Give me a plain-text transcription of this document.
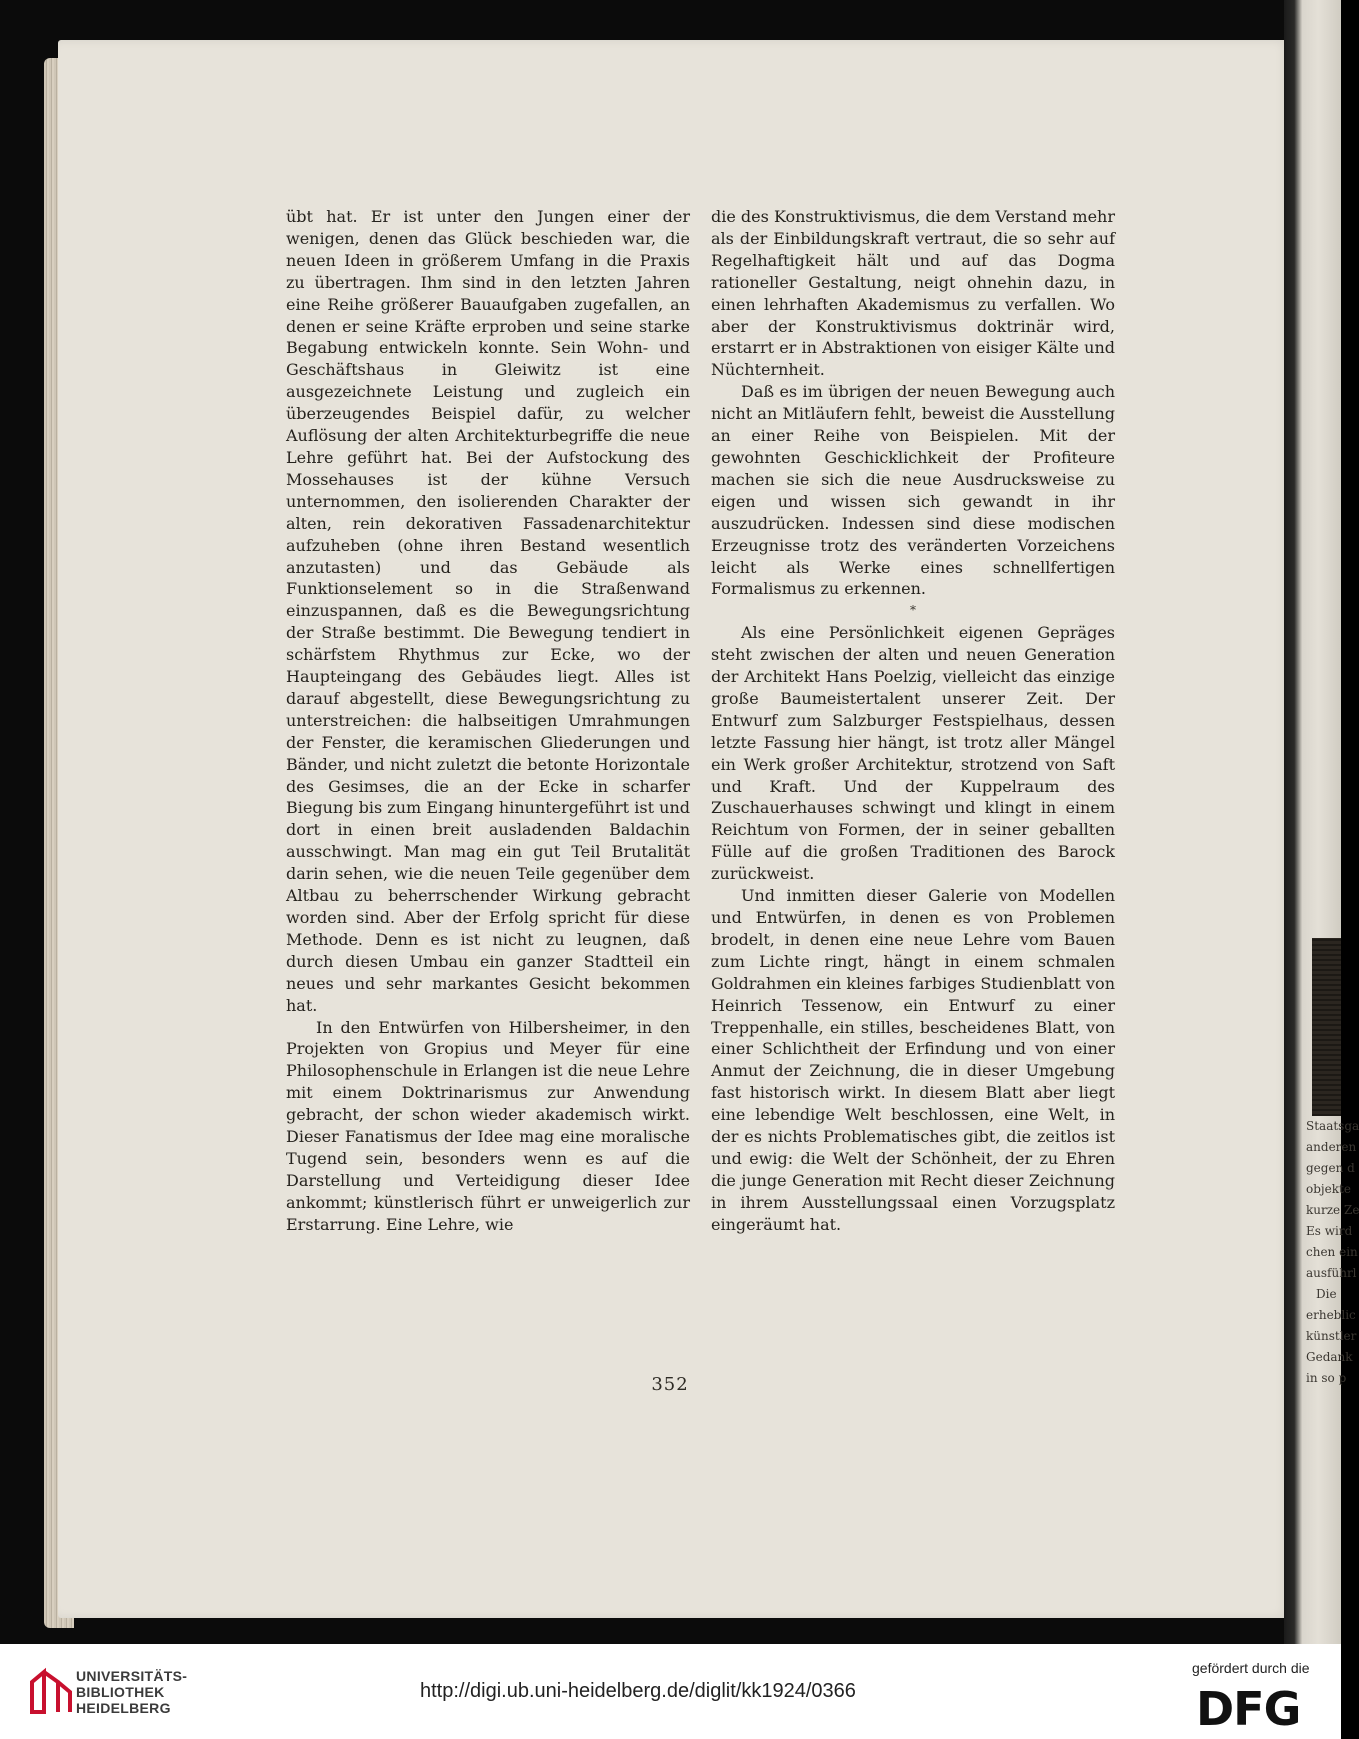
Staatsga
anderen
gegen d
objekte
kurze Ze
Es wird
chen ein
ausführl
Die
erheblic
künstler
Gedank
in so p

übt hat. Er ist unter den Jungen einer der wenigen, denen das Glück beschieden war, die neuen Ideen in größerem Umfang in die Praxis zu übertragen. Ihm sind in den letzten Jahren eine Reihe größerer Bauaufgaben zugefallen, an denen er seine Kräfte erproben und seine starke Begabung entwickeln konnte. Sein Wohn- und Geschäftshaus in Gleiwitz ist eine ausgezeichnete Leistung und zugleich ein überzeugendes Beispiel dafür, zu welcher Auflösung der alten Architekturbegriffe die neue Lehre geführt hat. Bei der Aufstockung des Mossehauses ist der kühne Versuch unternommen, den isolierenden Charakter der alten, rein dekorativen Fassadenarchitektur aufzuheben (ohne ihren Bestand wesentlich anzutasten) und das Gebäude als Funktionselement so in die Straßenwand einzuspannen, daß es die Bewegungsrichtung der Straße bestimmt. Die Bewegung tendiert in schärfstem Rhythmus zur Ecke, wo der Haupteingang des Gebäudes liegt. Alles ist darauf abgestellt, diese Bewegungsrichtung zu unterstreichen: die halbseitigen Umrahmungen der Fenster, die keramischen Gliederungen und Bänder, und nicht zuletzt die betonte Horizontale des Gesimses, die an der Ecke in scharfer Biegung bis zum Eingang hinuntergeführt ist und dort in einen breit ausladenden Baldachin ausschwingt. Man mag ein gut Teil Brutalität darin sehen, wie die neuen Teile gegenüber dem Altbau zu beherrschender Wirkung gebracht worden sind. Aber der Erfolg spricht für diese Methode. Denn es ist nicht zu leugnen, daß durch diesen Umbau ein ganzer Stadtteil ein neues und sehr markantes Gesicht bekommen hat.

In den Entwürfen von Hilbersheimer, in den Projekten von Gropius und Meyer für eine Philosophenschule in Erlangen ist die neue Lehre mit einem Doktrinarismus zur Anwendung gebracht, der schon wieder akademisch wirkt. Dieser Fanatismus der Idee mag eine moralische Tugend sein, besonders wenn es auf die Darstellung und Verteidigung dieser Idee ankommt; künstlerisch führt er unweigerlich zur Erstarrung. Eine Lehre, wie

die des Konstruktivismus, die dem Verstand mehr als der Einbildungskraft vertraut, die so sehr auf Regelhaftigkeit hält und auf das Dogma rationeller Gestaltung, neigt ohnehin dazu, in einen lehrhaften Akademismus zu verfallen. Wo aber der Konstruktivismus doktrinär wird, erstarrt er in Abstraktionen von eisiger Kälte und Nüchternheit.

Daß es im übrigen der neuen Bewegung auch nicht an Mitläufern fehlt, beweist die Ausstellung an einer Reihe von Beispielen. Mit der gewohnten Geschicklichkeit der Profiteure machen sie sich die neue Ausdrucksweise zu eigen und wissen sich gewandt in ihr auszudrücken. Indessen sind diese modischen Erzeugnisse trotz des veränderten Vorzeichens leicht als Werke eines schnellfertigen Formalismus zu erkennen.

*

Als eine Persönlichkeit eigenen Gepräges steht zwischen der alten und neuen Generation der Architekt Hans Poelzig, vielleicht das einzige große Baumeistertalent unserer Zeit. Der Entwurf zum Salzburger Festspielhaus, dessen letzte Fassung hier hängt, ist trotz aller Mängel ein Werk großer Architektur, strotzend von Saft und Kraft. Und der Kuppelraum des Zuschauerhauses schwingt und klingt in einem Reichtum von Formen, der in seiner geballten Fülle auf die großen Traditionen des Barock zurückweist.

Und inmitten dieser Galerie von Modellen und Entwürfen, in denen es von Problemen brodelt, in denen eine neue Lehre vom Bauen zum Lichte ringt, hängt in einem schmalen Goldrahmen ein kleines farbiges Studienblatt von Heinrich Tessenow, ein Entwurf zu einer Treppenhalle, ein stilles, bescheidenes Blatt, von einer Schlichtheit der Erfindung und von einer Anmut der Zeichnung, die in dieser Umgebung fast historisch wirkt. In diesem Blatt aber liegt eine lebendige Welt beschlossen, eine Welt, in der es nichts Problematisches gibt, die zeitlos ist und ewig: die Welt der Schönheit, der zu Ehren die junge Generation mit Recht dieser Zeichnung in ihrem Ausstellungssaal einen Vorzugsplatz eingeräumt hat.

352
UNIVERSITÄTS-
BIBLIOTHEK
HEIDELBERG
http://digi.ub.uni-heidelberg.de/diglit/kk1924/0366
gefördert durch die
DFG
